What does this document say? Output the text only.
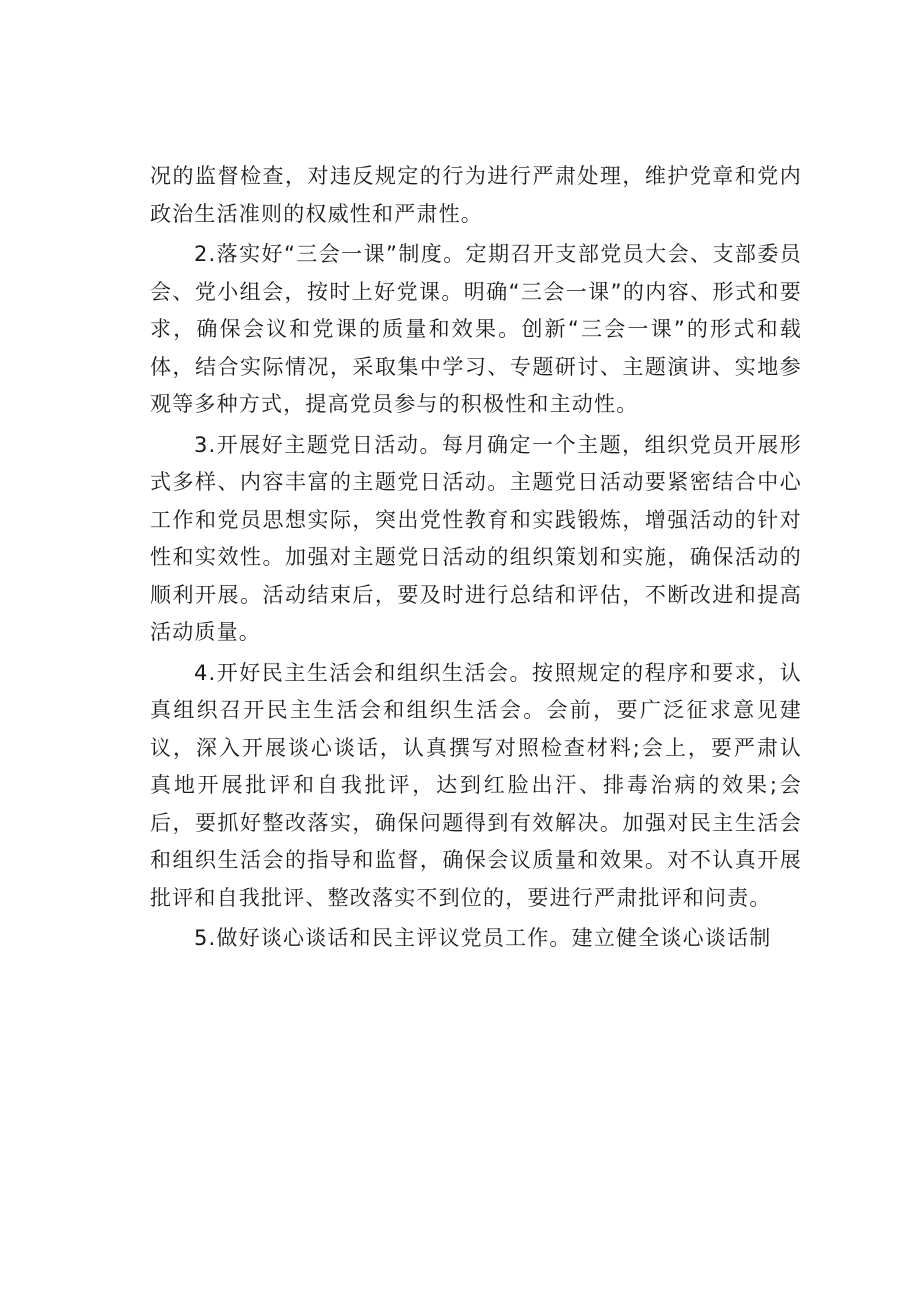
况的监督检查，对违反规定的行为进行严肃处理，维护党章和党内政治生活准则的权威性和严肃性。

2.落实好“三会一课”制度。定期召开支部党员大会、支部委员会、党小组会，按时上好党课。明确“三会一课”的内容、形式和要求，确保会议和党课的质量和效果。创新“三会一课”的形式和载体，结合实际情况，采取集中学习、专题研讨、主题演讲、实地参观等多种方式，提高党员参与的积极性和主动性。

3.开展好主题党日活动。每月确定一个主题，组织党员开展形式多样、内容丰富的主题党日活动。主题党日活动要紧密结合中心工作和党员思想实际，突出党性教育和实践锻炼，增强活动的针对性和实效性。加强对主题党日活动的组织策划和实施，确保活动的顺利开展。活动结束后，要及时进行总结和评估，不断改进和提高活动质量。

4.开好民主生活会和组织生活会。按照规定的程序和要求，认真组织召开民主生活会和组织生活会。会前，要广泛征求意见建议，深入开展谈心谈话，认真撰写对照检查材料;会上，要严肃认真地开展批评和自我批评，达到红脸出汗、排毒治病的效果;会后，要抓好整改落实，确保问题得到有效解决。加强对民主生活会和组织生活会的指导和监督，确保会议质量和效果。对不认真开展批评和自我批评、整改落实不到位的，要进行严肃批评和问责。

5.做好谈心谈话和民主评议党员工作。建立健全谈心谈话制
